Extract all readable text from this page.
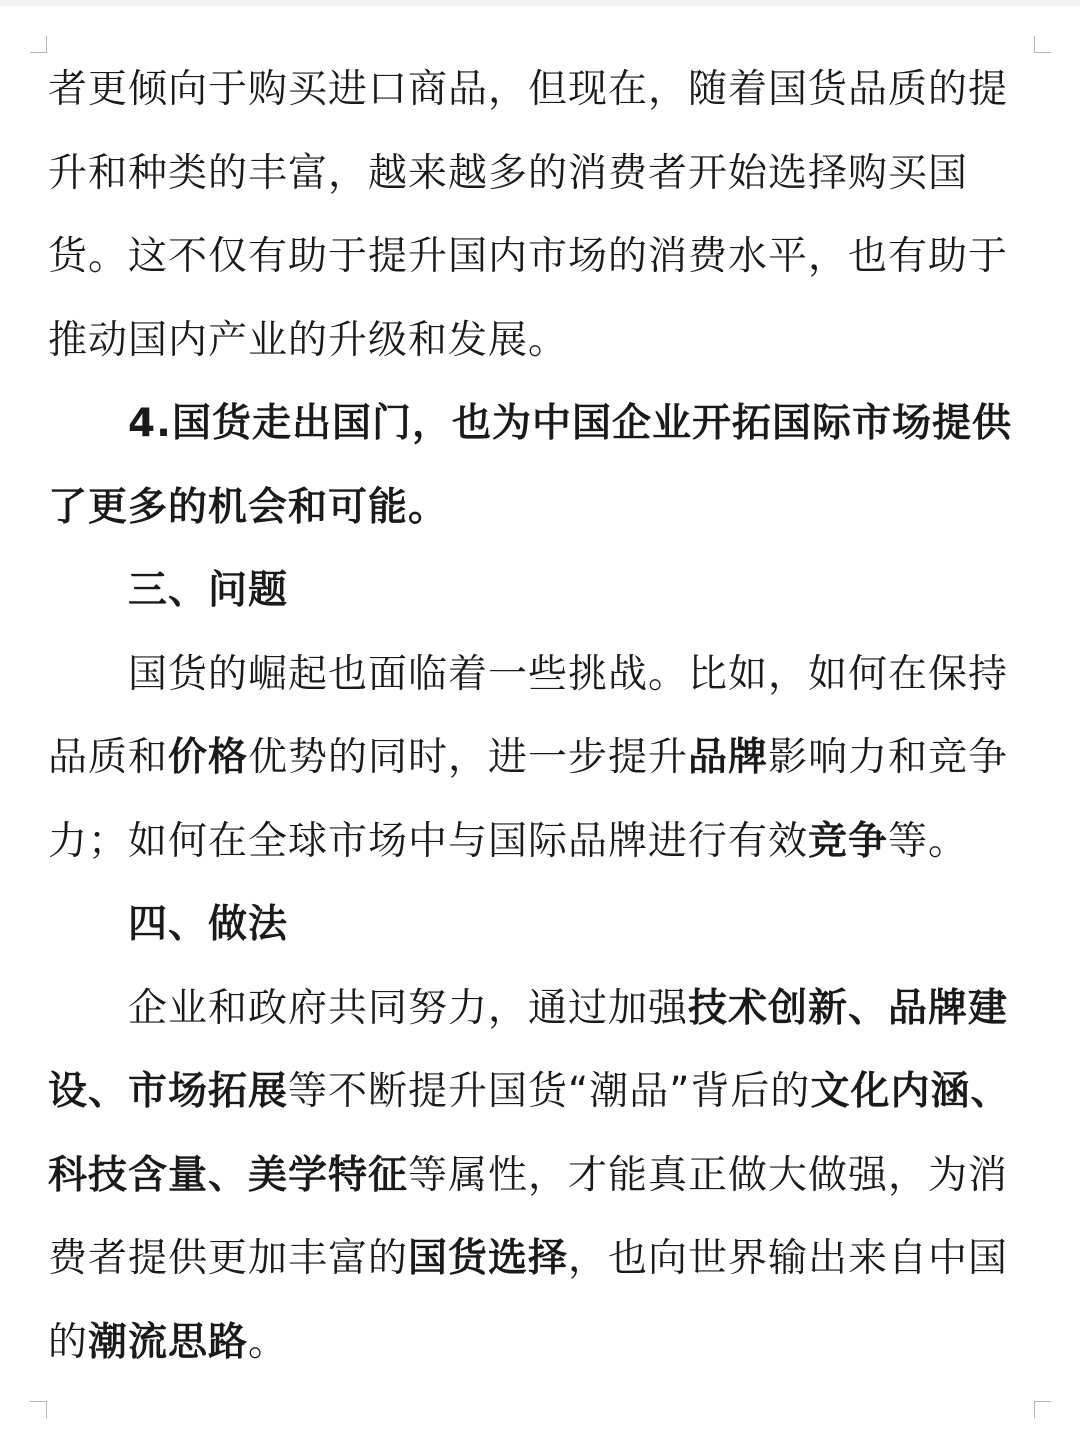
者更倾向于购买进口商品，但现在，随着国货品质的提升和种类的丰富，越来越多的消费者开始选择购买国货。这不仅有助于提升国内市场的消费水平，也有助于推动国内产业的升级和发展。

4.国货走出国门，也为中国企业开拓国际市场提供了更多的机会和可能。

三、问题

国货的崛起也面临着一些挑战。比如，如何在保持品质和价格优势的同时，进一步提升品牌影响力和竞争力；如何在全球市场中与国际品牌进行有效竞争等。

四、做法

企业和政府共同努力，通过加强技术创新、品牌建设、市场拓展等不断提升国货“潮品”背后的文化内涵、科技含量、美学特征等属性，才能真正做大做强，为消费者提供更加丰富的国货选择，也向世界输出来自中国的潮流思路。
